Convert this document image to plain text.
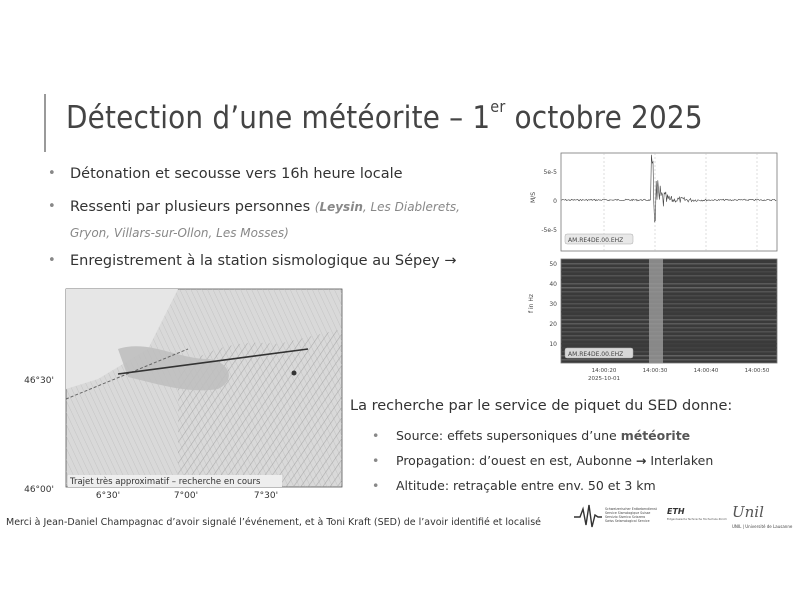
Détection d’une météorite – 1er octobre 2025
• Détonation et secousse vers 16h heure locale
• Ressenti par plusieurs personnes (Leysin, Les Diablerets,
Gryon, Villars-sur-Ollon, Les Mosses)
• Enregistrement à la station sismologique au Sépey →
M/S
5e-5
0
-5e-5
AM.RE4DE.00.EHZ
f in Hz
50
40
30
20
10
AM.RE4DE.00.EHZ
14:00:20	14:00:30	14:00:40	14:00:50
2025-10-01
Trajet très approximatif – recherche en cours
46°30'
46°00'
6°30'	7°00'	7°30'
La recherche par le service de piquet du SED donne:
• Source: effets supersoniques d’une météorite
• Propagation: d’ouest en est, Aubonne → Interlaken
• Altitude: retraçable entre env. 50 et 3 km
Merci à Jean-Daniel Champagnac d’avoir signalé l’événement, et à Toni Kraft (SED) de l’avoir identifié et localisé
Schweizerischer Erdbebendienst
Service Sismologique Suisse
Servizio Sismico Svizzero
Swiss Seismological Service
ETH
Eidgenössische Technische Hochschule Zürich Unil
UNIL | Université de Lausanne
